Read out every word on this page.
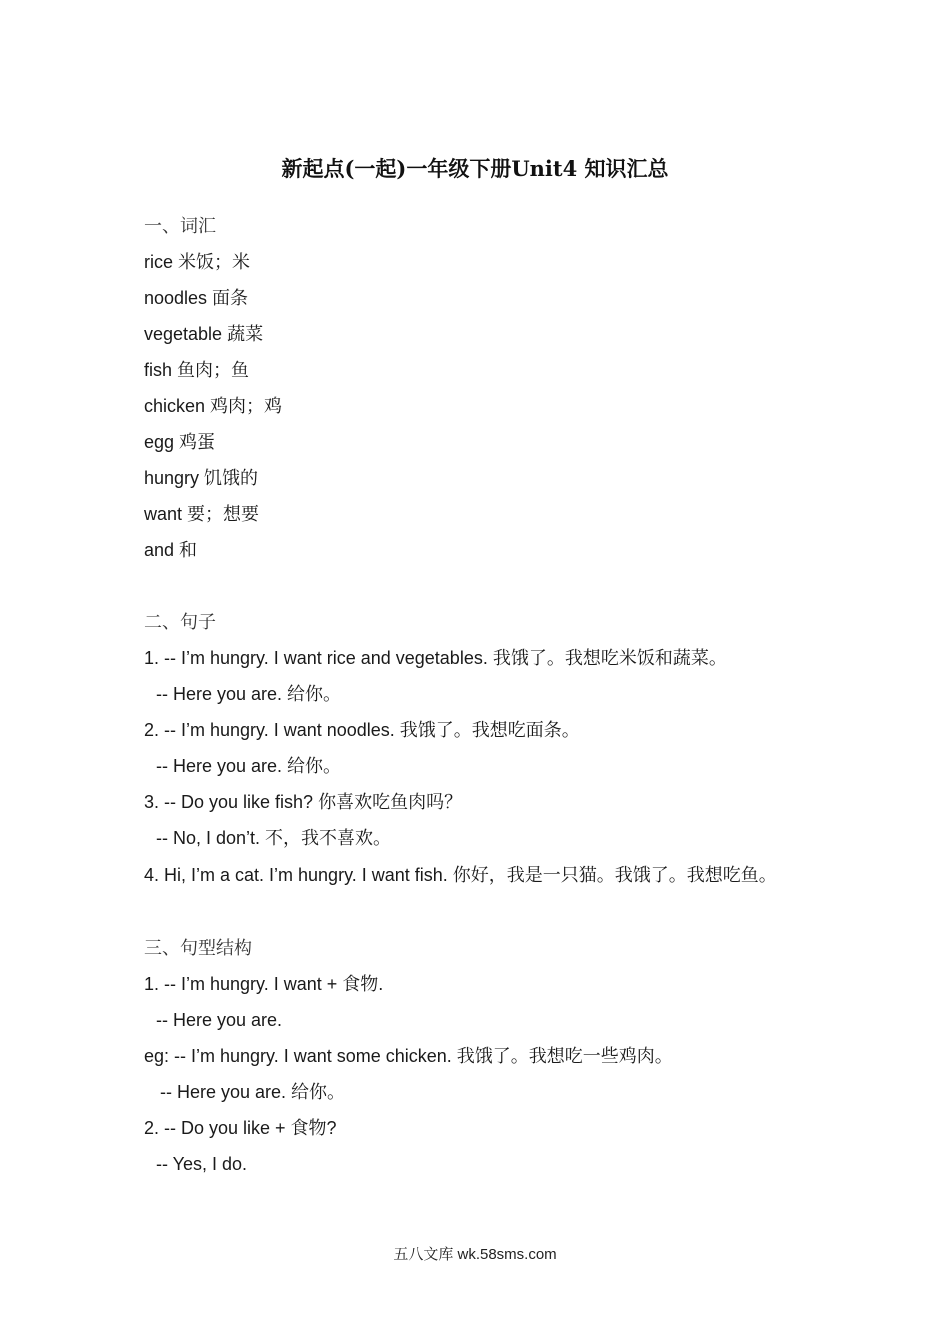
新起点(一起)一年级下册Unit4 知识汇总
一、词汇
rice 米饭；米
noodles 面条
vegetable 蔬菜
fish 鱼肉；鱼
chicken 鸡肉；鸡
egg 鸡蛋
hungry 饥饿的
want 要；想要
and 和
二、句子
1. -- I’m hungry. I want rice and vegetables. 我饿了。我想吃米饭和蔬菜。
-- Here you are. 给你。
2. -- I’m hungry. I want noodles. 我饿了。我想吃面条。
-- Here you are. 给你。
3. -- Do you like fish? 你喜欢吃鱼肉吗？
-- No, I don’t. 不，我不喜欢。
4. Hi, I’m a cat. I’m hungry. I want fish. 你好，我是一只猫。我饿了。我想吃鱼。
三、句型结构
1. -- I’m hungry. I want + 食物.
-- Here you are.
eg: -- I’m hungry. I want some chicken. 我饿了。我想吃一些鸡肉。
-- Here you are. 给你。
2. -- Do you like + 食物?
-- Yes, I do.
五八文库 wk.58sms.com
